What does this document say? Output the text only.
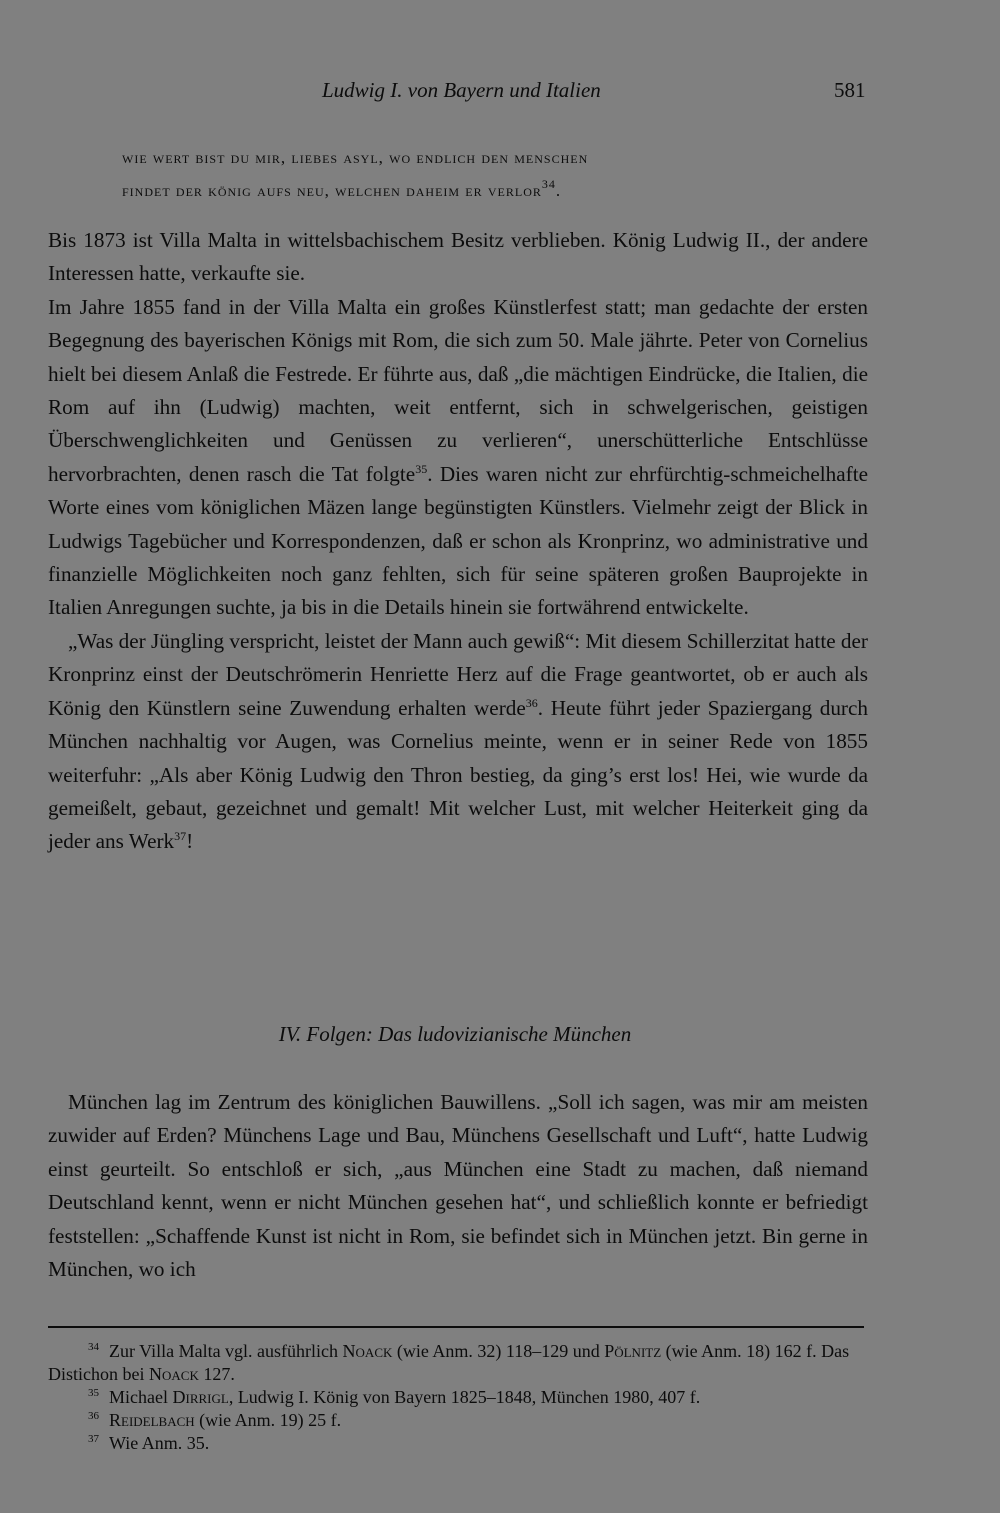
Ludwig I. von Bayern und Italien	581
wie wert bist du mir, liebes asyl, wo endlich den menschen
findet der könig aufs neu, welchen daheim er verlor$^{34}$.

Bis 1873 ist Villa Malta in wittelsbachischem Besitz verblieben. König Ludwig II., der andere Interessen hatte, verkaufte sie.

Im Jahre 1855 fand in der Villa Malta ein großes Künstlerfest statt; man gedachte der ersten Begegnung des bayerischen Königs mit Rom, die sich zum 50. Male jährte. Peter von Cornelius hielt bei diesem Anlaß die Festrede. Er führte aus, daß „die mächtigen Eindrücke, die Italien, die Rom auf ihn (Ludwig) machten, weit entfernt, sich in schwelgerischen, geistigen Überschwenglichkeiten und Genüssen zu verlieren“, unerschütterliche Entschlüsse hervorbrachten, denen rasch die Tat folgte$^{35}$. Dies waren nicht zur ehrfürchtig-schmeichelhafte Worte eines vom königlichen Mäzen lange begünstigten Künstlers. Vielmehr zeigt der Blick in Ludwigs Tagebücher und Korrespondenzen, daß er schon als Kronprinz, wo administrative und finanzielle Möglichkeiten noch ganz fehlten, sich für seine späteren großen Bauprojekte in Italien Anregungen suchte, ja bis in die Details hinein sie fortwährend entwickelte.

„Was der Jüngling verspricht, leistet der Mann auch gewiß“: Mit diesem Schillerzitat hatte der Kronprinz einst der Deutschrömerin Henriette Herz auf die Frage geantwortet, ob er auch als König den Künstlern seine Zuwendung erhalten werde$^{36}$. Heute führt jeder Spaziergang durch München nachhaltig vor Augen, was Cornelius meinte, wenn er in seiner Rede von 1855 weiterfuhr: „Als aber König Ludwig den Thron bestieg, da ging’s erst los! Hei, wie wurde da gemeißelt, gebaut, gezeichnet und gemalt! Mit welcher Lust, mit welcher Heiterkeit ging da jeder ans Werk$^{37}$!

IV. Folgen: Das ludovizianische München

München lag im Zentrum des königlichen Bauwillens. „Soll ich sagen, was mir am meisten zuwider auf Erden? Münchens Lage und Bau, Münchens Gesellschaft und Luft“, hatte Ludwig einst geurteilt. So entschloß er sich, „aus München eine Stadt zu machen, daß niemand Deutschland kennt, wenn er nicht München gesehen hat“, und schließlich konnte er befriedigt feststellen: „Schaffende Kunst ist nicht in Rom, sie befindet sich in München jetzt. Bin gerne in München, wo ich

$^{34}$ Zur Villa Malta vgl. ausführlich Noack (wie Anm. 32) 118–129 und Pölnitz (wie Anm. 18) 162 f. Das Distichon bei Noack 127.

$^{35}$ Michael Dirrigl, Ludwig I. König von Bayern 1825–1848, München 1980, 407 f.

$^{36}$ Reidelbach (wie Anm. 19) 25 f.

$^{37}$ Wie Anm. 35.
